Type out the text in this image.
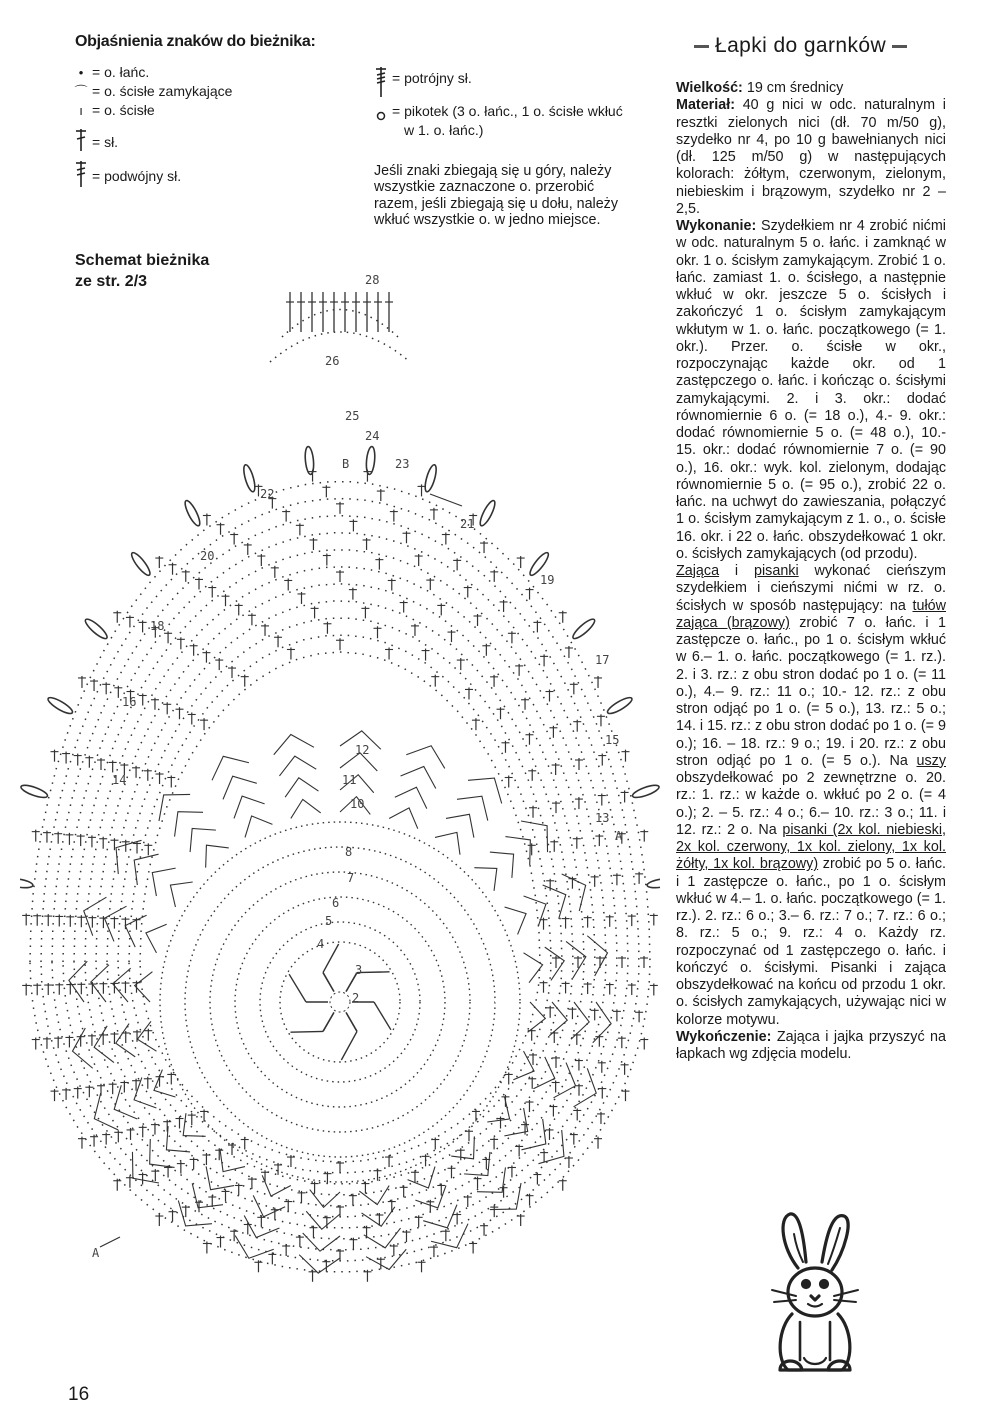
Objaśnienia znaków do bieżnika:
• = o. łańc.
⌒ = o. ścisłe zamykające
ı = o. ścisłe
= sł.
= podwójny sł.
= potrójny sł.
= pikotek (3 o. łańc., 1 o. ścisłe wkłuć
w 1. o. łańc.)
Jeśli znaki zbiegają się u góry, należy wszystkie zaznaczone o. przerobić razem, jeśli zbiegają się u dołu, należy wkłuć wszystkie o. w jedno miejsce.
Schemat bieżnika
ze str. 2/3	28
26
25
24
23
22
21
20
19
18
17
16
15
14
13
12
11
10
8
7
6
5
4
3
2
A
A
B
16
Łapki do garnków

Wielkość: 19 cm średnicy

Materiał: 40 g nici w odc. naturalnym i resztki zielonych nici (dł. 70 m/50 g), szydełko nr 4, po 10 g bawełnianych nici (dł. 125 m/50 g) w następujących kolorach: żółtym, czerwonym, zielonym, niebieskim i brązowym, szydełko nr 2 – 2,5.

Wykonanie: Szydełkiem nr 4 zrobić nićmi w odc. naturalnym 5 o. łańc. i zamknąć w okr. 1 o. ścisłym zamykającym. Zrobić 1 o. łańc. zamiast 1. o. ścisłego, a następnie wkłuć w okr. jeszcze 5 o. ścisłych i zakończyć 1 o. ścisłym zamykającym wkłutym w 1. o. łańc. początkowego (= 1. okr.). Przer. o. ścisłe w okr., rozpoczynając każde okr. od 1 zastępczego o. łańc. i kończąc o. ścisłymi zamykającymi. 2. i 3. okr.: dodać równomiernie 6 o. (= 18 o.), 4.- 9. okr.: dodać równomiernie 5 o. (= 48 o.), 10.- 15. okr.: dodać równomiernie 7 o. (= 90 o.), 16. okr.: wyk. kol. zielonym, dodając równomiernie 5 o. (= 95 o.), zrobić 22 o. łańc. na uchwyt do zawieszania, połączyć 1 o. ścisłym zamykającym z 1. o., o. ścisłe 16. okr. i 22 o. łańc. obszydełkować 1 okr. o. ścisłych zamykających (od przodu).

Zająca i pisanki wykonać cieńszym szydełkiem i cieńszymi nićmi w rz. o. ścisłych w sposób następujący: na tułów zająca (brązowy) zrobić 7 o. łańc. i 1 zastępcze o. łańc., po 1 o. ścisłym wkłuć w 6.– 1. o. łańc. początkowego (= 1. rz.). 2. i 3. rz.: z obu stron dodać po 1 o. (= 11 o.), 4.– 9. rz.: 11 o.; 10.- 12. rz.: z obu stron odjąć po 1 o. (= 5 o.), 13. rz.: 5 o.; 14. i 15. rz.: z obu stron dodać po 1 o. (= 9 o.); 16. – 18. rz.: 9 o.; 19. i 20. rz.: z obu stron odjąć po 1 o. (= 5 o.). Na uszy obszydełkować po 2 zewnętrzne o. 20. rz.: 1. rz.: w każde o. wkłuć po 2 o. (= 4 o.); 2. – 5. rz.: 4 o.; 6.– 10. rz.: 3 o.; 11. i 12. rz.: 2 o. Na pisanki (2x kol. niebieski, 2x kol. czerwony, 1x kol. zielony, 1x kol. żółty, 1x kol. brązowy) zrobić po 5 o. łańc. i 1 zastępcze o. łańc., po 1 o. ścisłym wkłuć w 4.– 1. o. łańc. początkowego (= 1. rz.). 2. rz.: 6 o.; 3.– 6. rz.: 7 o.; 7. rz.: 6 o.; 8. rz.: 5 o.; 9. rz.: 4 o. Każdy rz. rozpoczynać od 1 zastępczego o. łańc. i kończyć o. ścisłymi. Pisanki i zająca obszydełkować na końcu od przodu 1 okr. o. ścisłych zamykających, używając nici w kolorze motywu.

Wykończenie: Zająca i jajka przyszyć na łapkach wg zdjęcia modelu.
